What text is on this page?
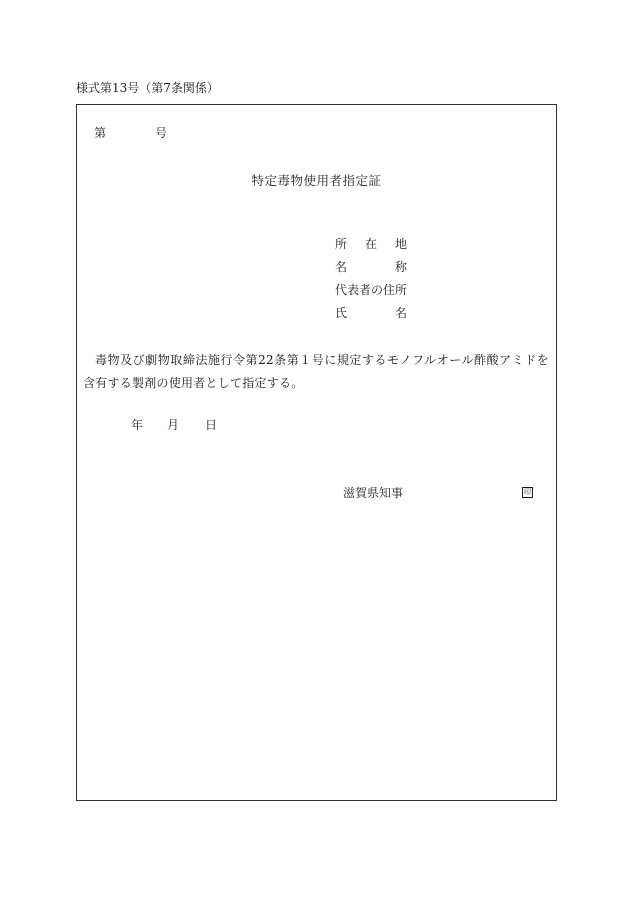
様式第13号（第7条関係）
第	号
特定毒物使用者指定証
所 在 地
名	称
代表者の住所
氏	名
毒物及び劇物取締法施行令第22条第１号に規定するモノフルオール酢酸アミドを含有する製剤の使用者として指定する。
年	月	日
滋賀県知事	印
